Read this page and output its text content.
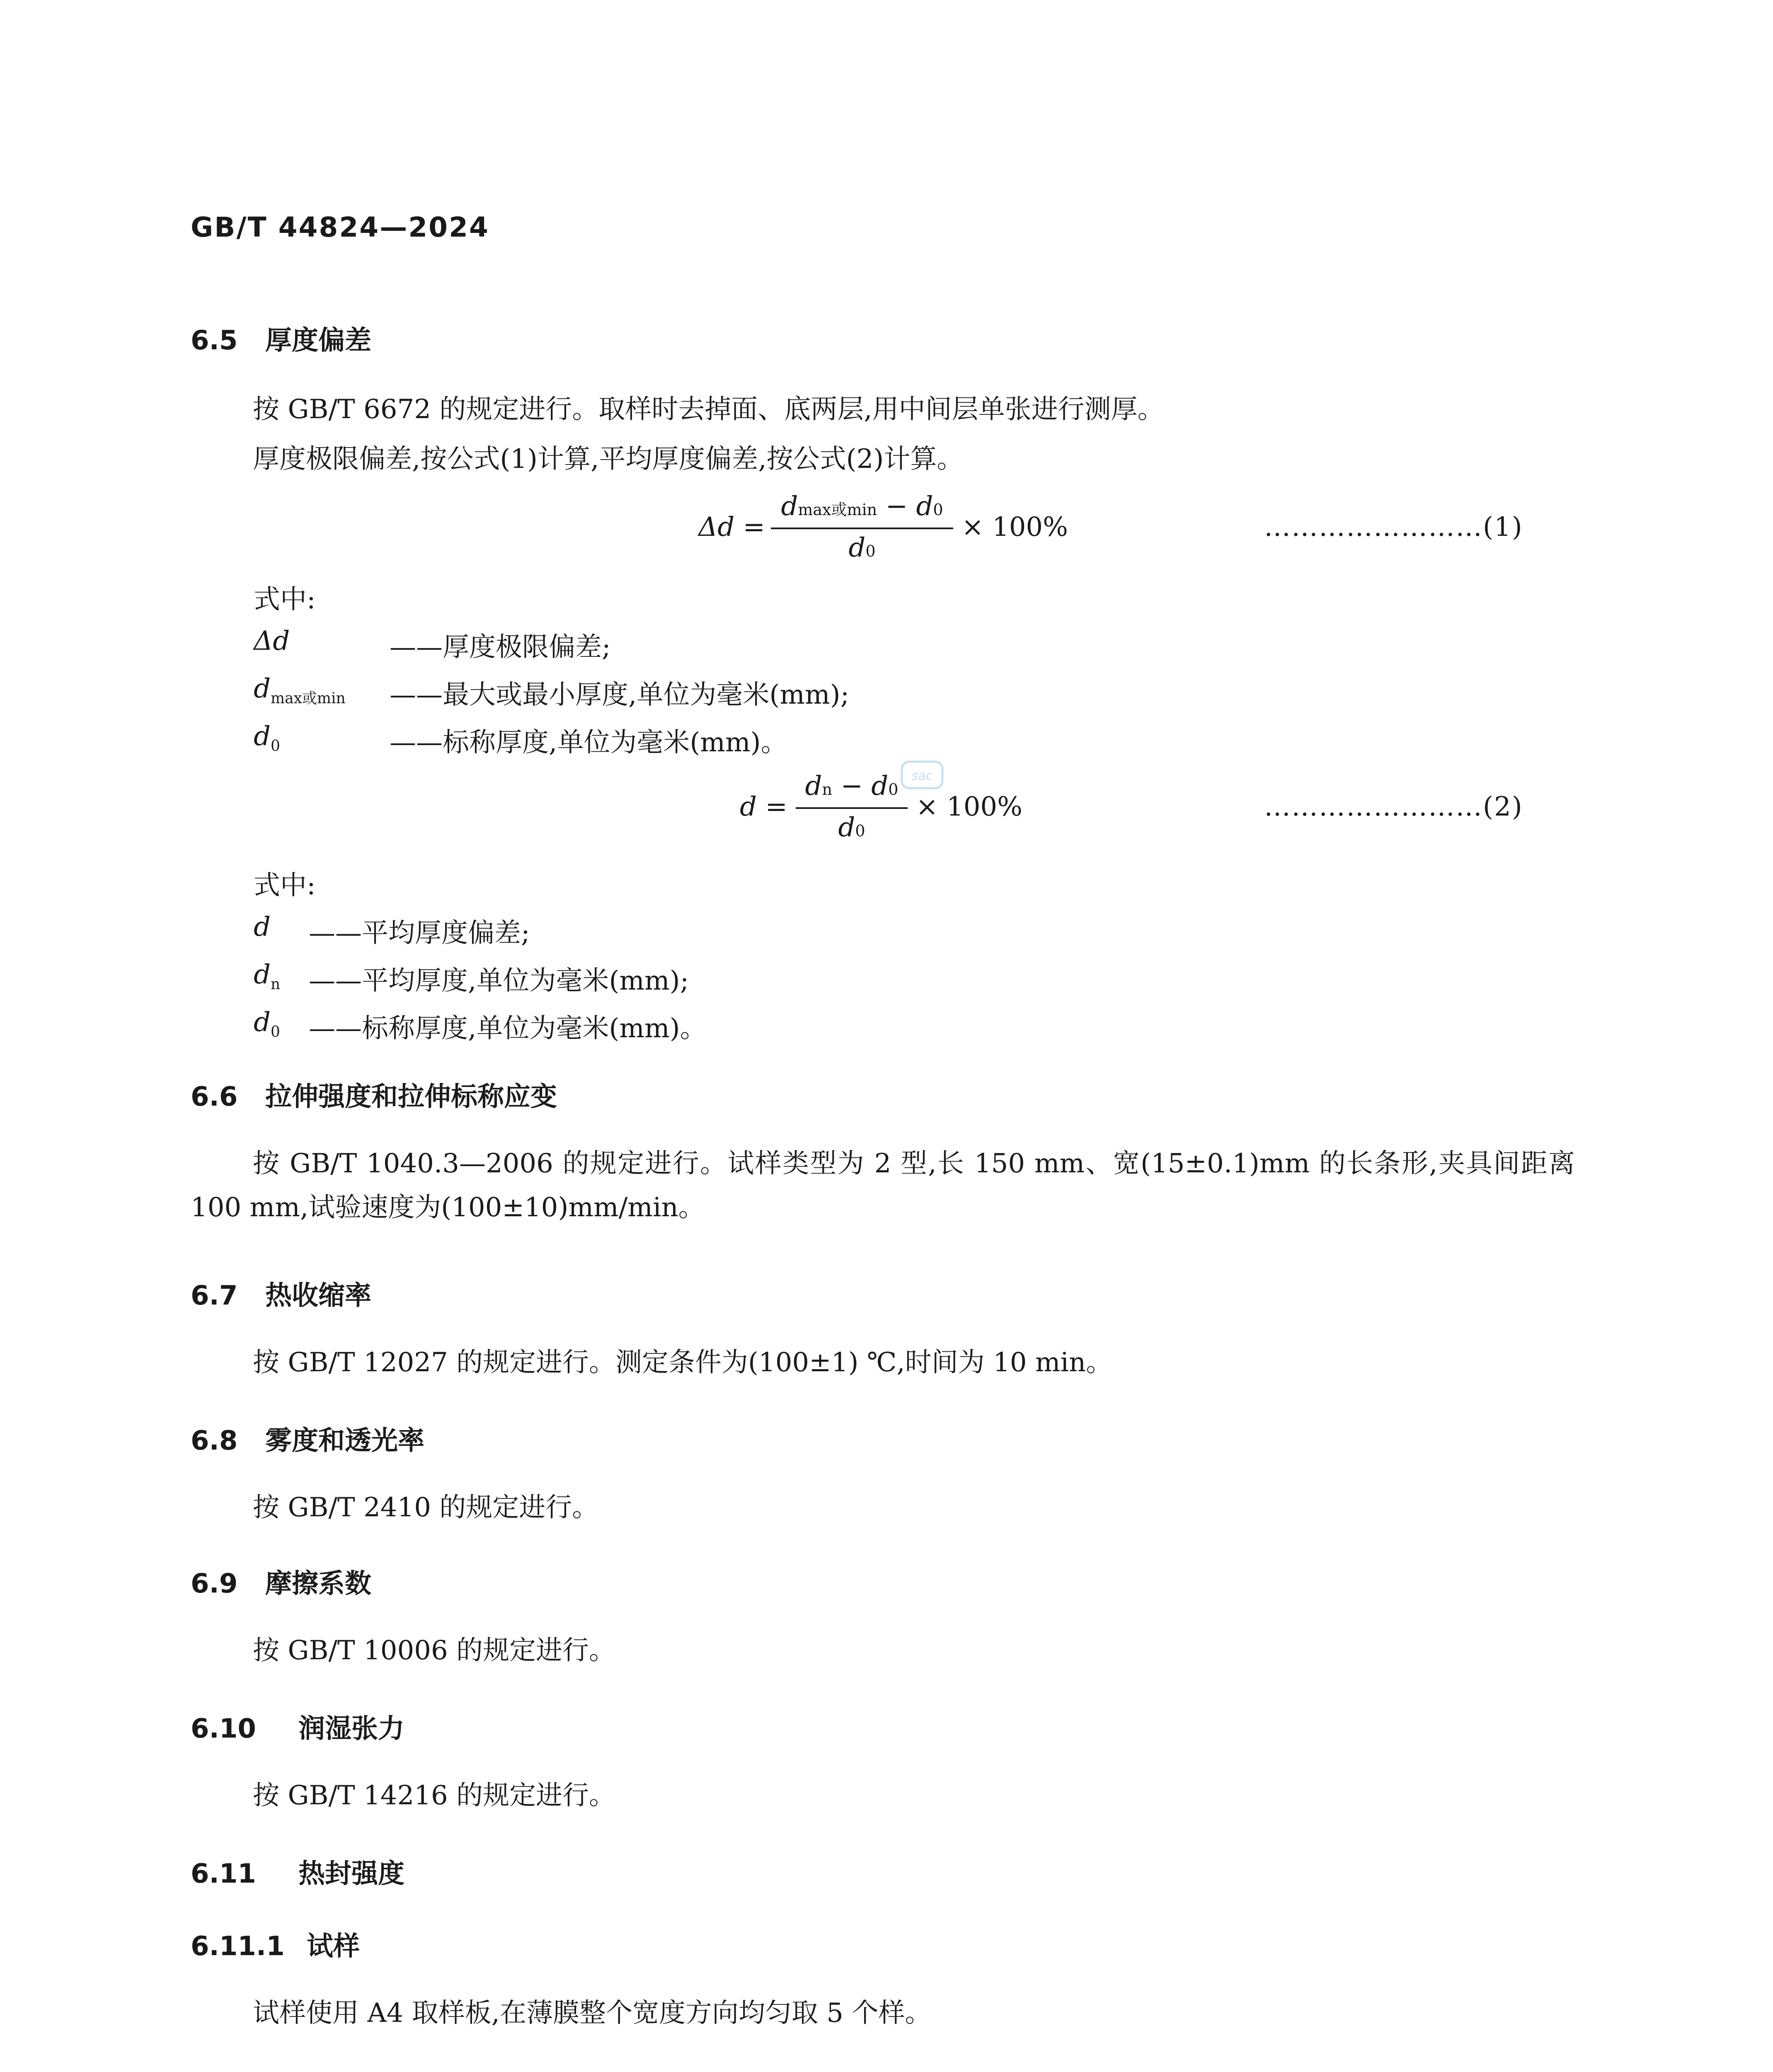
GB/T 44824—2024
6.5 厚度偏差
按 GB/T 6672 的规定进行。取样时去掉面、底两层,用中间层单张进行测厚。
厚度极限偏差,按公式(1)计算,平均厚度偏差,按公式(2)计算。
Δd =
dmax或min − d0
d0
× 100%	……………………(1)
式中:
Δd	——厚度极限偏差;
$d_{max或min}$ ——最大或最小厚度,单位为毫米(mm);
$d_0$	——标称厚度,单位为毫米(mm)。
d =
dn − d0
d0
× 100%	……………………(2)
sac
式中:
d ——平均厚度偏差;
$d_n$ ——平均厚度,单位为毫米(mm);
$d_0$ ——标称厚度,单位为毫米(mm)。
6.6 拉伸强度和拉伸标称应变
按 GB/T 1040.3—2006 的规定进行。试样类型为 2 型,长 150 mm、宽(15±0.1)mm 的长条形,夹具间距离 100 mm,试验速度为(100±10)mm/min。
6.7 热收缩率
按 GB/T 12027 的规定进行。测定条件为(100±1) ℃,时间为 10 min。
6.8 雾度和透光率
按 GB/T 2410 的规定进行。
6.9 摩擦系数
按 GB/T 10006 的规定进行。
6.10 润湿张力
按 GB/T 14216 的规定进行。
6.11 热封强度
6.11.1 试样
试样使用 A4 取样板,在薄膜整个宽度方向均匀取 5 个样。
